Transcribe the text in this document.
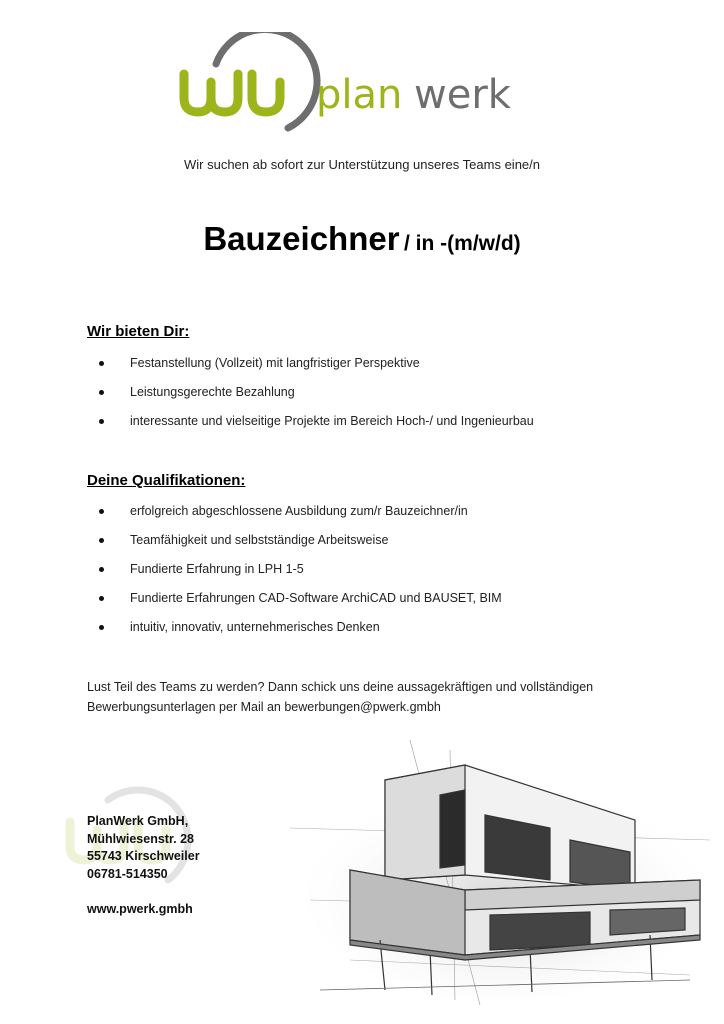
plan werk
Wir suchen ab sofort zur Unterstützung unseres Teams eine/n
Bauzeichner / in -(m/w/d)
Wir bieten Dir:
Festanstellung (Vollzeit) mit langfristiger Perspektive
Leistungsgerechte Bezahlung
interessante und vielseitige Projekte im Bereich Hoch-/ und Ingenieurbau
Deine Qualifikationen:
erfolgreich abgeschlossene Ausbildung zum/r Bauzeichner/in
Teamfähigkeit und selbstständige Arbeitsweise
Fundierte Erfahrung in LPH 1-5
Fundierte Erfahrungen CAD-Software ArchiCAD und BAUSET, BIM
intuitiv, innovativ, unternehmerisches Denken
Lust Teil des Teams zu werden? Dann schick uns deine aussagekräftigen und vollständigen
Bewerbungsunterlagen per Mail an bewerbungen@pwerk.gmbh
PlanWerk GmbH,
Mühlwiesenstr. 28
55743 Kirschweiler
06781-514350
www.pwerk.gmbh
